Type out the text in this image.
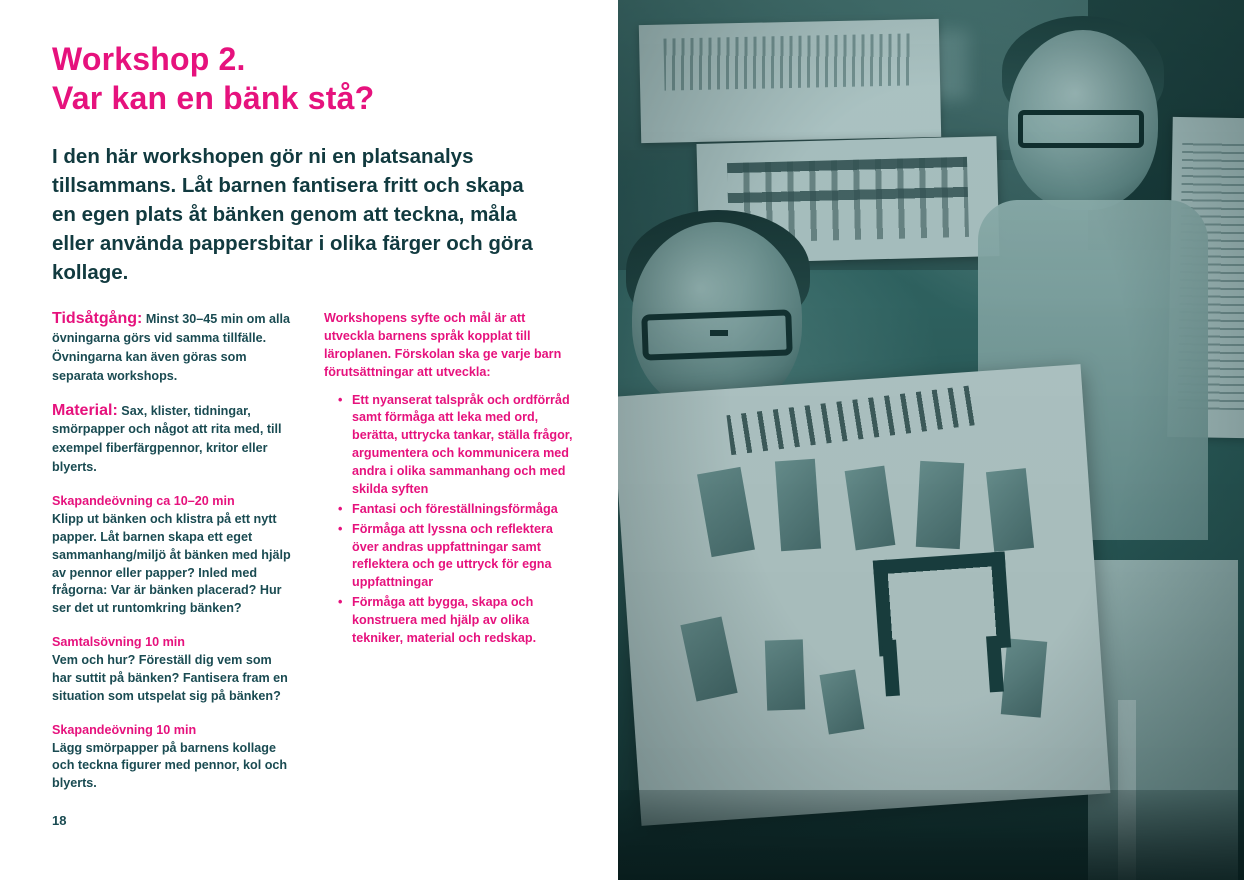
Workshop 2.
Var kan en bänk stå?
I den här workshopen gör ni en platsanalys tillsammans. Låt barnen fantisera fritt och skapa en egen plats åt bänken genom att teckna, måla eller använda pappersbitar i olika färger och göra kollage.
Tidsåtgång: Minst 30–45 min om alla övningarna görs vid samma tillfälle. Övningarna kan även göras som separata workshops.
Material: Sax, klister, tidningar, smörpapper och något att rita med, till exempel fiberfärgpennor, kritor eller blyerts.
Skapandeövning ca 10–20 min
Klipp ut bänken och klistra på ett nytt papper. Låt barnen skapa ett eget sammanhang/miljö åt bänken med hjälp av pennor eller papper? Inled med frågorna: Var är bänken placerad? Hur ser det ut runtomkring bänken?
Samtalsövning 10 min
Vem och hur? Föreställ dig vem som har suttit på bänken? Fantisera fram en situation som utspelat sig på bänken?
Skapandeövning 10 min
Lägg smörpapper på barnens kollage och teckna figurer med pennor, kol och blyerts.
Workshopens syfte och mål är att utveckla barnens språk kopplat till läroplanen. Förskolan ska ge varje barn förutsättningar att utveckla:
• Ett nyanserat talspråk och ordförråd samt förmåga att leka med ord, berätta, uttrycka tankar, ställa frågor, argumentera och kommunicera med andra i olika sammanhang och med skilda syften
• Fantasi och föreställningsförmåga
• Förmåga att lyssna och reflektera över andras uppfattningar samt reflektera och ge uttryck för egna uppfattningar
• Förmåga att bygga, skapa och konstruera med hjälp av olika tekniker, material och redskap.
18
